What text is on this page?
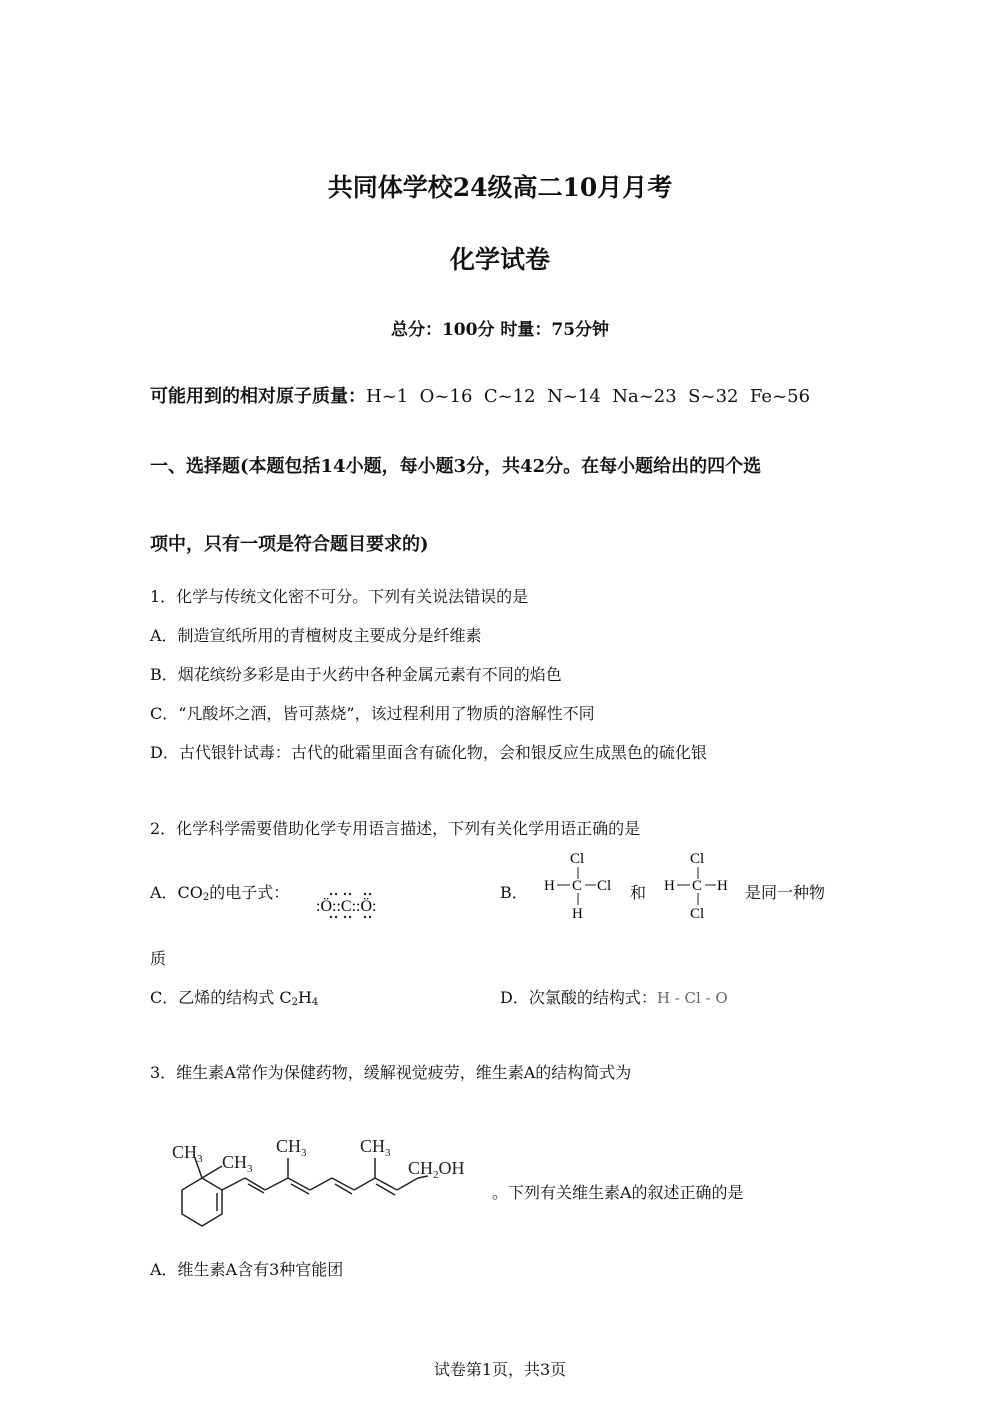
共同体学校24级高二10月月考
化学试卷
总分：100分 时量：75分钟
可能用到的相对原子质量：H~1  O~16  C~12  N~14  Na~23  S~32  Fe~56
一、选择题(本题包括14小题，每小题3分，共42分。在每小题给出的四个选
项中，只有一项是符合题目要求的)
1．化学与传统文化密不可分。下列有关说法错误的是
A．制造宣纸所用的青檀树皮主要成分是纤维素
B．烟花缤纷多彩是由于火药中各种金属元素有不同的焰色
C．“凡酸坏之酒，皆可蒸烧”，该过程利用了物质的溶解性不同
D．古代银针试毒：古代的砒霜里面含有硫化物，会和银反应生成黑色的硫化银
2．化学科学需要借助化学专用语言描述，下列有关化学用语正确的是
A．$CO_2$的电子式：
:Ö::C::Ö:
B．
Cl
H C Cl
H
和
Cl
H C H
Cl
是同一种物
质
C．乙烯的结构式 $C_2H_4$	D．次氯酸的结构式：H - Cl - O
3．维生素A常作为保健药物，缓解视觉疲劳，维生素A的结构简式为
$CH_3$ $CH_3$
$CH_3$	$CH_3$
$CH_2OH$
。下列有关维生素A的叙述正确的是
A．维生素A含有3种官能团
试卷第1页，共3页
